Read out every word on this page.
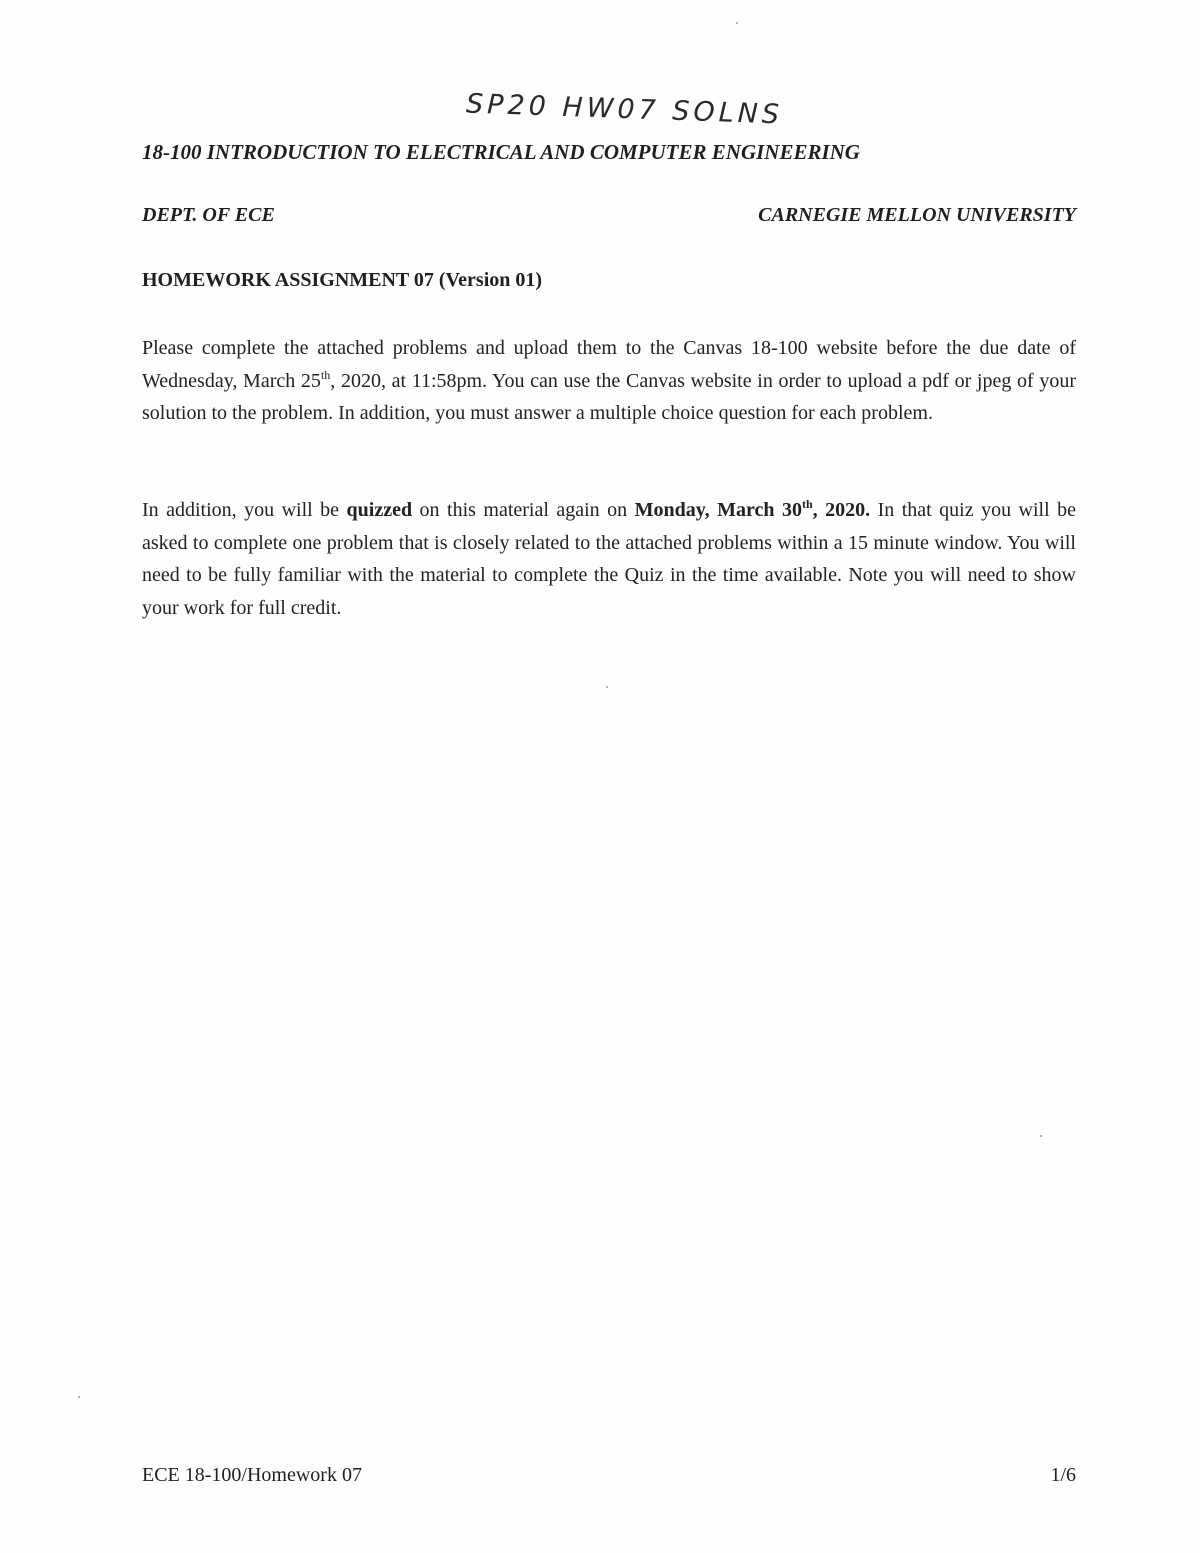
SP20 HW07 SOLNS
18-100 INTRODUCTION TO ELECTRICAL AND COMPUTER ENGINEERING
DEPT. OF ECE	CARNEGIE MELLON UNIVERSITY
HOMEWORK ASSIGNMENT 07 (Version 01)
Please complete the attached problems and upload them to the Canvas 18-100 website before the due date of Wednesday, March 25th, 2020, at 11:58pm. You can use the Canvas website in order to upload a pdf or jpeg of your solution to the problem. In addition, you must answer a multiple choice question for each problem.
In addition, you will be quizzed on this material again on Monday, March 30th, 2020. In that quiz you will be asked to complete one problem that is closely related to the attached problems within a 15 minute window. You will need to be fully familiar with the material to complete the Quiz in the time available. Note you will need to show your work for full credit.
ECE 18-100/Homework 07	1/6
